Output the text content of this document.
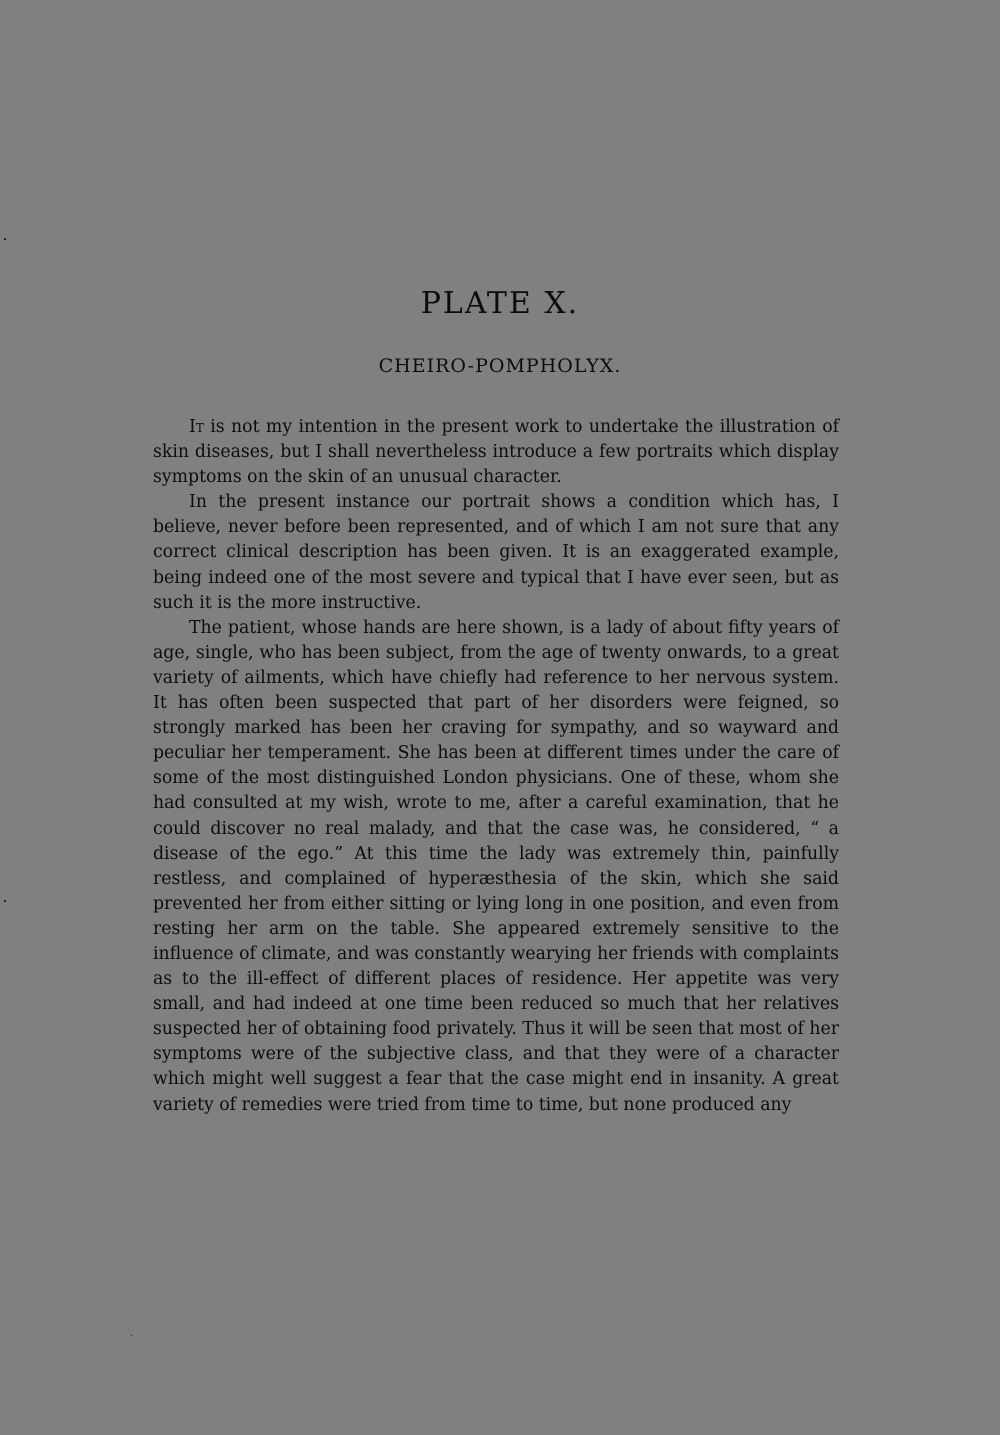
PLATE X.
CHEIRO-POMPHOLYX.

It is not my intention in the present work to undertake the illustration of skin diseases, but I shall nevertheless introduce a few portraits which display symptoms on the skin of an unusual character.

In the present instance our portrait shows a condition which has, I believe, never before been represented, and of which I am not sure that any correct clinical description has been given. It is an exaggerated example, being indeed one of the most severe and typical that I have ever seen, but as such it is the more instructive.

The patient, whose hands are here shown, is a lady of about fifty years of age, single, who has been subject, from the age of twenty onwards, to a great variety of ailments, which have chiefly had reference to her nervous system. It has often been suspected that part of her disorders were feigned, so strongly marked has been her craving for sympathy, and so wayward and peculiar her temperament. She has been at different times under the care of some of the most distinguished London physicians. One of these, whom she had consulted at my wish, wrote to me, after a careful examination, that he could discover no real malady, and that the case was, he considered, “ a disease of the ego.” At this time the lady was extremely thin, painfully restless, and complained of hyperæsthesia of the skin, which she said prevented her from either sitting or lying long in one position, and even from resting her arm on the table. She appeared extremely sensitive to the influence of climate, and was constantly wearying her friends with complaints as to the ill-effect of different places of residence. Her appetite was very small, and had indeed at one time been reduced so much that her relatives suspected her of obtaining food privately. Thus it will be seen that most of her symptoms were of the subjective class, and that they were of a character which might well suggest a fear that the case might end in insanity. A great variety of remedies were tried from time to time, but none produced any
